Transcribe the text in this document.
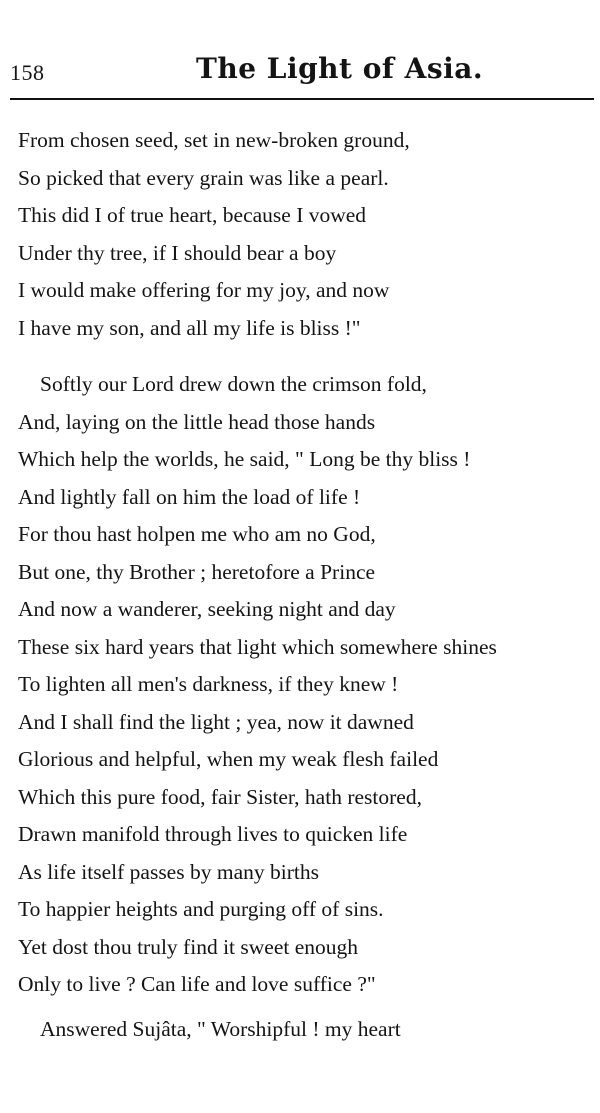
158	The Light of Asia.
From chosen seed, set in new-broken ground,
So picked that every grain was like a pearl.
This did I of true heart, because I vowed
Under thy tree, if I should bear a boy
I would make offering for my joy, and now
I have my son, and all my life is bliss !"
Softly our Lord drew down the crimson fold,
And, laying on the little head those hands
Which help the worlds, he said, " Long be thy bliss !
And lightly fall on him the load of life !
For thou hast holpen me who am no God,
But one, thy Brother ; heretofore a Prince
And now a wanderer, seeking night and day
These six hard years that light which somewhere shines
To lighten all men's darkness, if they knew !
And I shall find the light ; yea, now it dawned
Glorious and helpful, when my weak flesh failed
Which this pure food, fair Sister, hath restored,
Drawn manifold through lives to quicken life
As life itself passes by many births
To happier heights and purging off of sins.
Yet dost thou truly find it sweet enough
Only to live ? Can life and love suffice ?"
Answered Sujâta, " Worshipful ! my heart
